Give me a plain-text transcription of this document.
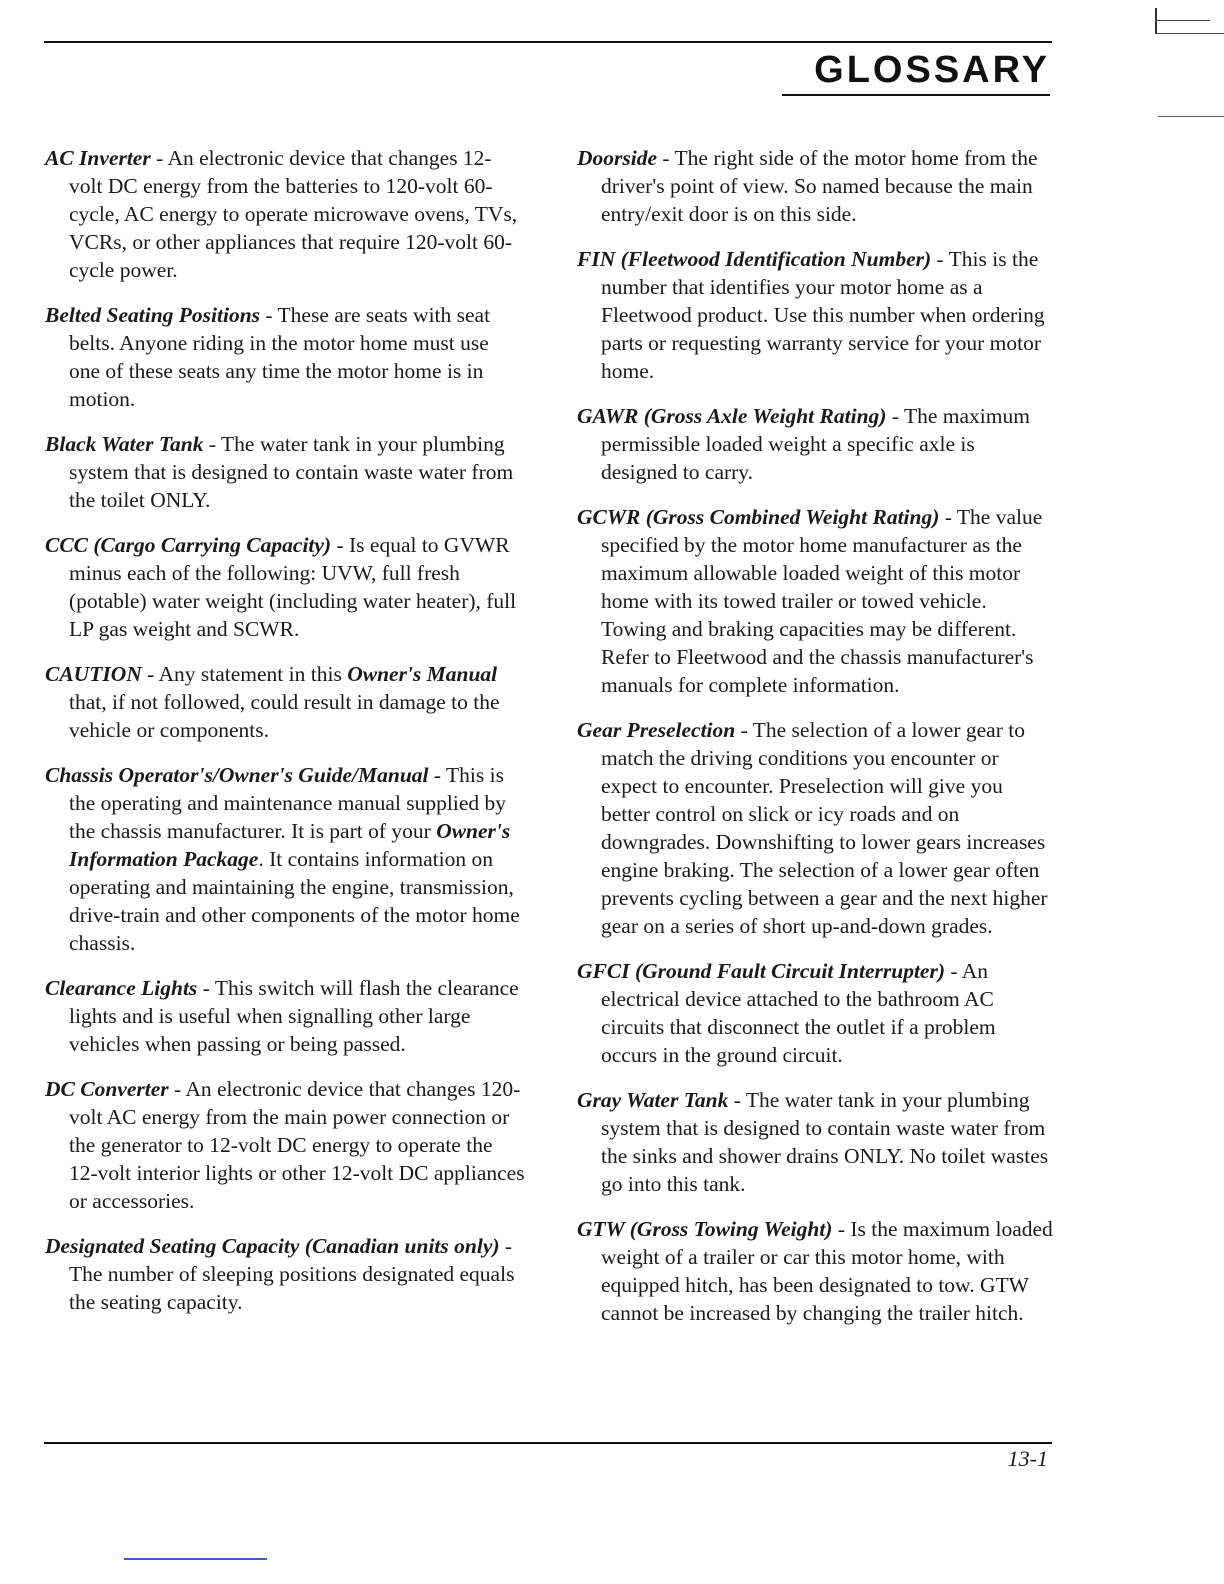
GLOSSARY

AC Inverter - An electronic device that changes 12-volt DC energy from the batteries to 120-volt 60-cycle, AC energy to operate microwave ovens, TVs, VCRs, or other appliances that require 120-volt 60-cycle power.

Belted Seating Positions - These are seats with seat belts. Anyone riding in the motor home must use one of these seats any time the motor home is in motion.

Black Water Tank - The water tank in your plumbing system that is designed to contain waste water from the toilet ONLY.

CCC (Cargo Carrying Capacity) - Is equal to GVWR minus each of the following: UVW, full fresh (potable) water weight (including water heater), full LP gas weight and SCWR.

CAUTION - Any statement in this Owner's Manual that, if not followed, could result in damage to the vehicle or components.

Chassis Operator's/Owner's Guide/Manual - This is the operating and maintenance manual supplied by the chassis manufacturer. It is part of your Owner's Information Package. It contains information on operating and maintaining the engine, transmission, drive-train and other components of the motor home chassis.

Clearance Lights - This switch will flash the clearance lights and is useful when signalling other large vehicles when passing or being passed.

DC Converter - An electronic device that changes 120-volt AC energy from the main power connection or the generator to 12-volt DC energy to operate the 12-volt interior lights or other 12-volt DC appliances or accessories.

Designated Seating Capacity (Canadian units only) - The number of sleeping positions designated equals the seating capacity.

Doorside - The right side of the motor home from the driver's point of view. So named because the main entry/exit door is on this side.

FIN (Fleetwood Identification Number) - This is the number that identifies your motor home as a Fleetwood product. Use this number when ordering parts or requesting warranty service for your motor home.

GAWR (Gross Axle Weight Rating) - The maximum permissible loaded weight a specific axle is designed to carry.

GCWR (Gross Combined Weight Rating) - The value specified by the motor home manufacturer as the maximum allowable loaded weight of this motor home with its towed trailer or towed vehicle. Towing and braking capacities may be different. Refer to Fleetwood and the chassis manufacturer's manuals for complete information.

Gear Preselection - The selection of a lower gear to match the driving conditions you encounter or expect to encounter. Preselection will give you better control on slick or icy roads and on downgrades. Downshifting to lower gears increases engine braking. The selection of a lower gear often prevents cycling between a gear and the next higher gear on a series of short up-and-down grades.

GFCI (Ground Fault Circuit Interrupter) - An electrical device attached to the bathroom AC circuits that disconnect the outlet if a problem occurs in the ground circuit.

Gray Water Tank - The water tank in your plumbing system that is designed to contain waste water from the sinks and shower drains ONLY. No toilet wastes go into this tank.

GTW (Gross Towing Weight) - Is the maximum loaded weight of a trailer or car this motor home, with equipped hitch, has been designated to tow. GTW cannot be increased by changing the trailer hitch.

13-1
